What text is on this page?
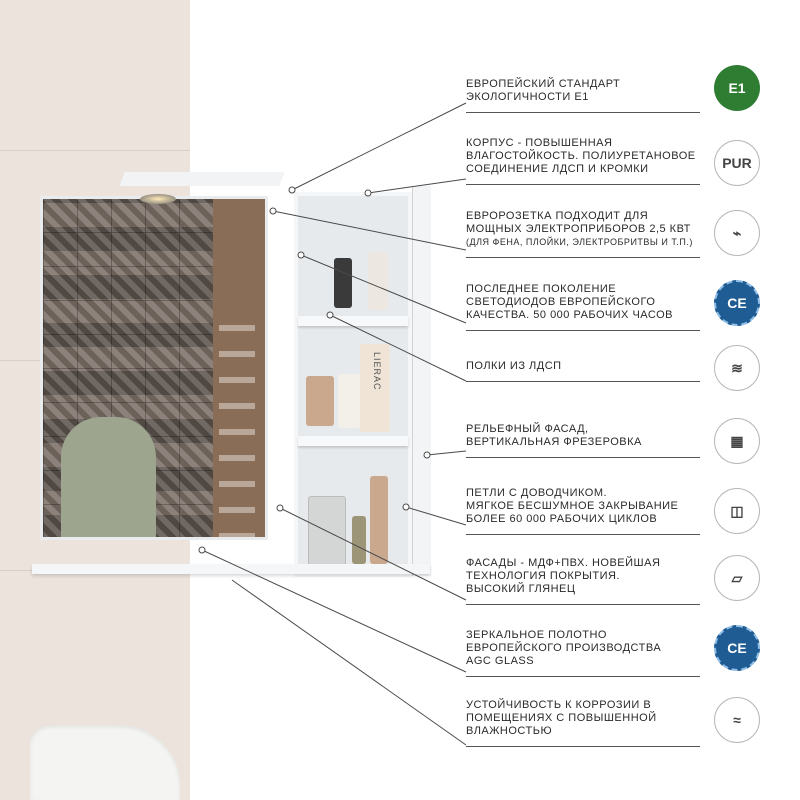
LIERAC
ЕВРОПЕЙСКИЙ СТАНДАРТ
ЭКОЛОГИЧНОСТИ Е1
E1
КОРПУС - ПОВЫШЕННАЯ
ВЛАГОСТОЙКОСТЬ. ПОЛИУРЕТАНОВОЕ
СОЕДИНЕНИЕ ЛДСП И КРОМКИ	PUR
ЕВРОРОЗЕТКА ПОДХОДИТ ДЛЯ
МОЩНЫХ ЭЛЕКТРОПРИБОРОВ 2,5 КВТ
(ДЛЯ ФЕНА, ПЛОЙКИ, ЭЛЕКТРОБРИТВЫ И Т.П.)
⌁
ПОСЛЕДНЕЕ ПОКОЛЕНИЕ
СВЕТОДИОДОВ ЕВРОПЕЙСКОГО
КАЧЕСТВА. 50 000 РАБОЧИХ ЧАСОВ
CE
ПОЛКИ ИЗ ЛДСП	≋
РЕЛЬЕФНЫЙ ФАСАД,
ВЕРТИКАЛЬНАЯ ФРЕЗЕРОВКА	▦
ПЕТЛИ С ДОВОДЧИКОМ.
МЯГКОЕ БЕСШУМНОЕ ЗАКРЫВАНИЕ
БОЛЕЕ 60 000 РАБОЧИХ ЦИКЛОВ
◫
ФАСАДЫ - МДФ+ПВХ. НОВЕЙШАЯ
ТЕХНОЛОГИЯ ПОКРЫТИЯ.
ВЫСОКИЙ ГЛЯНЕЦ
▱
ЗЕРКАЛЬНОЕ ПОЛОТНО
ЕВРОПЕЙСКОГО ПРОИЗВОДСТВА
AGC GLASS
CE
УСТОЙЧИВОСТЬ К КОРРОЗИИ В
ПОМЕЩЕНИЯХ С ПОВЫШЕННОЙ
ВЛАЖНОСТЬЮ
≈
